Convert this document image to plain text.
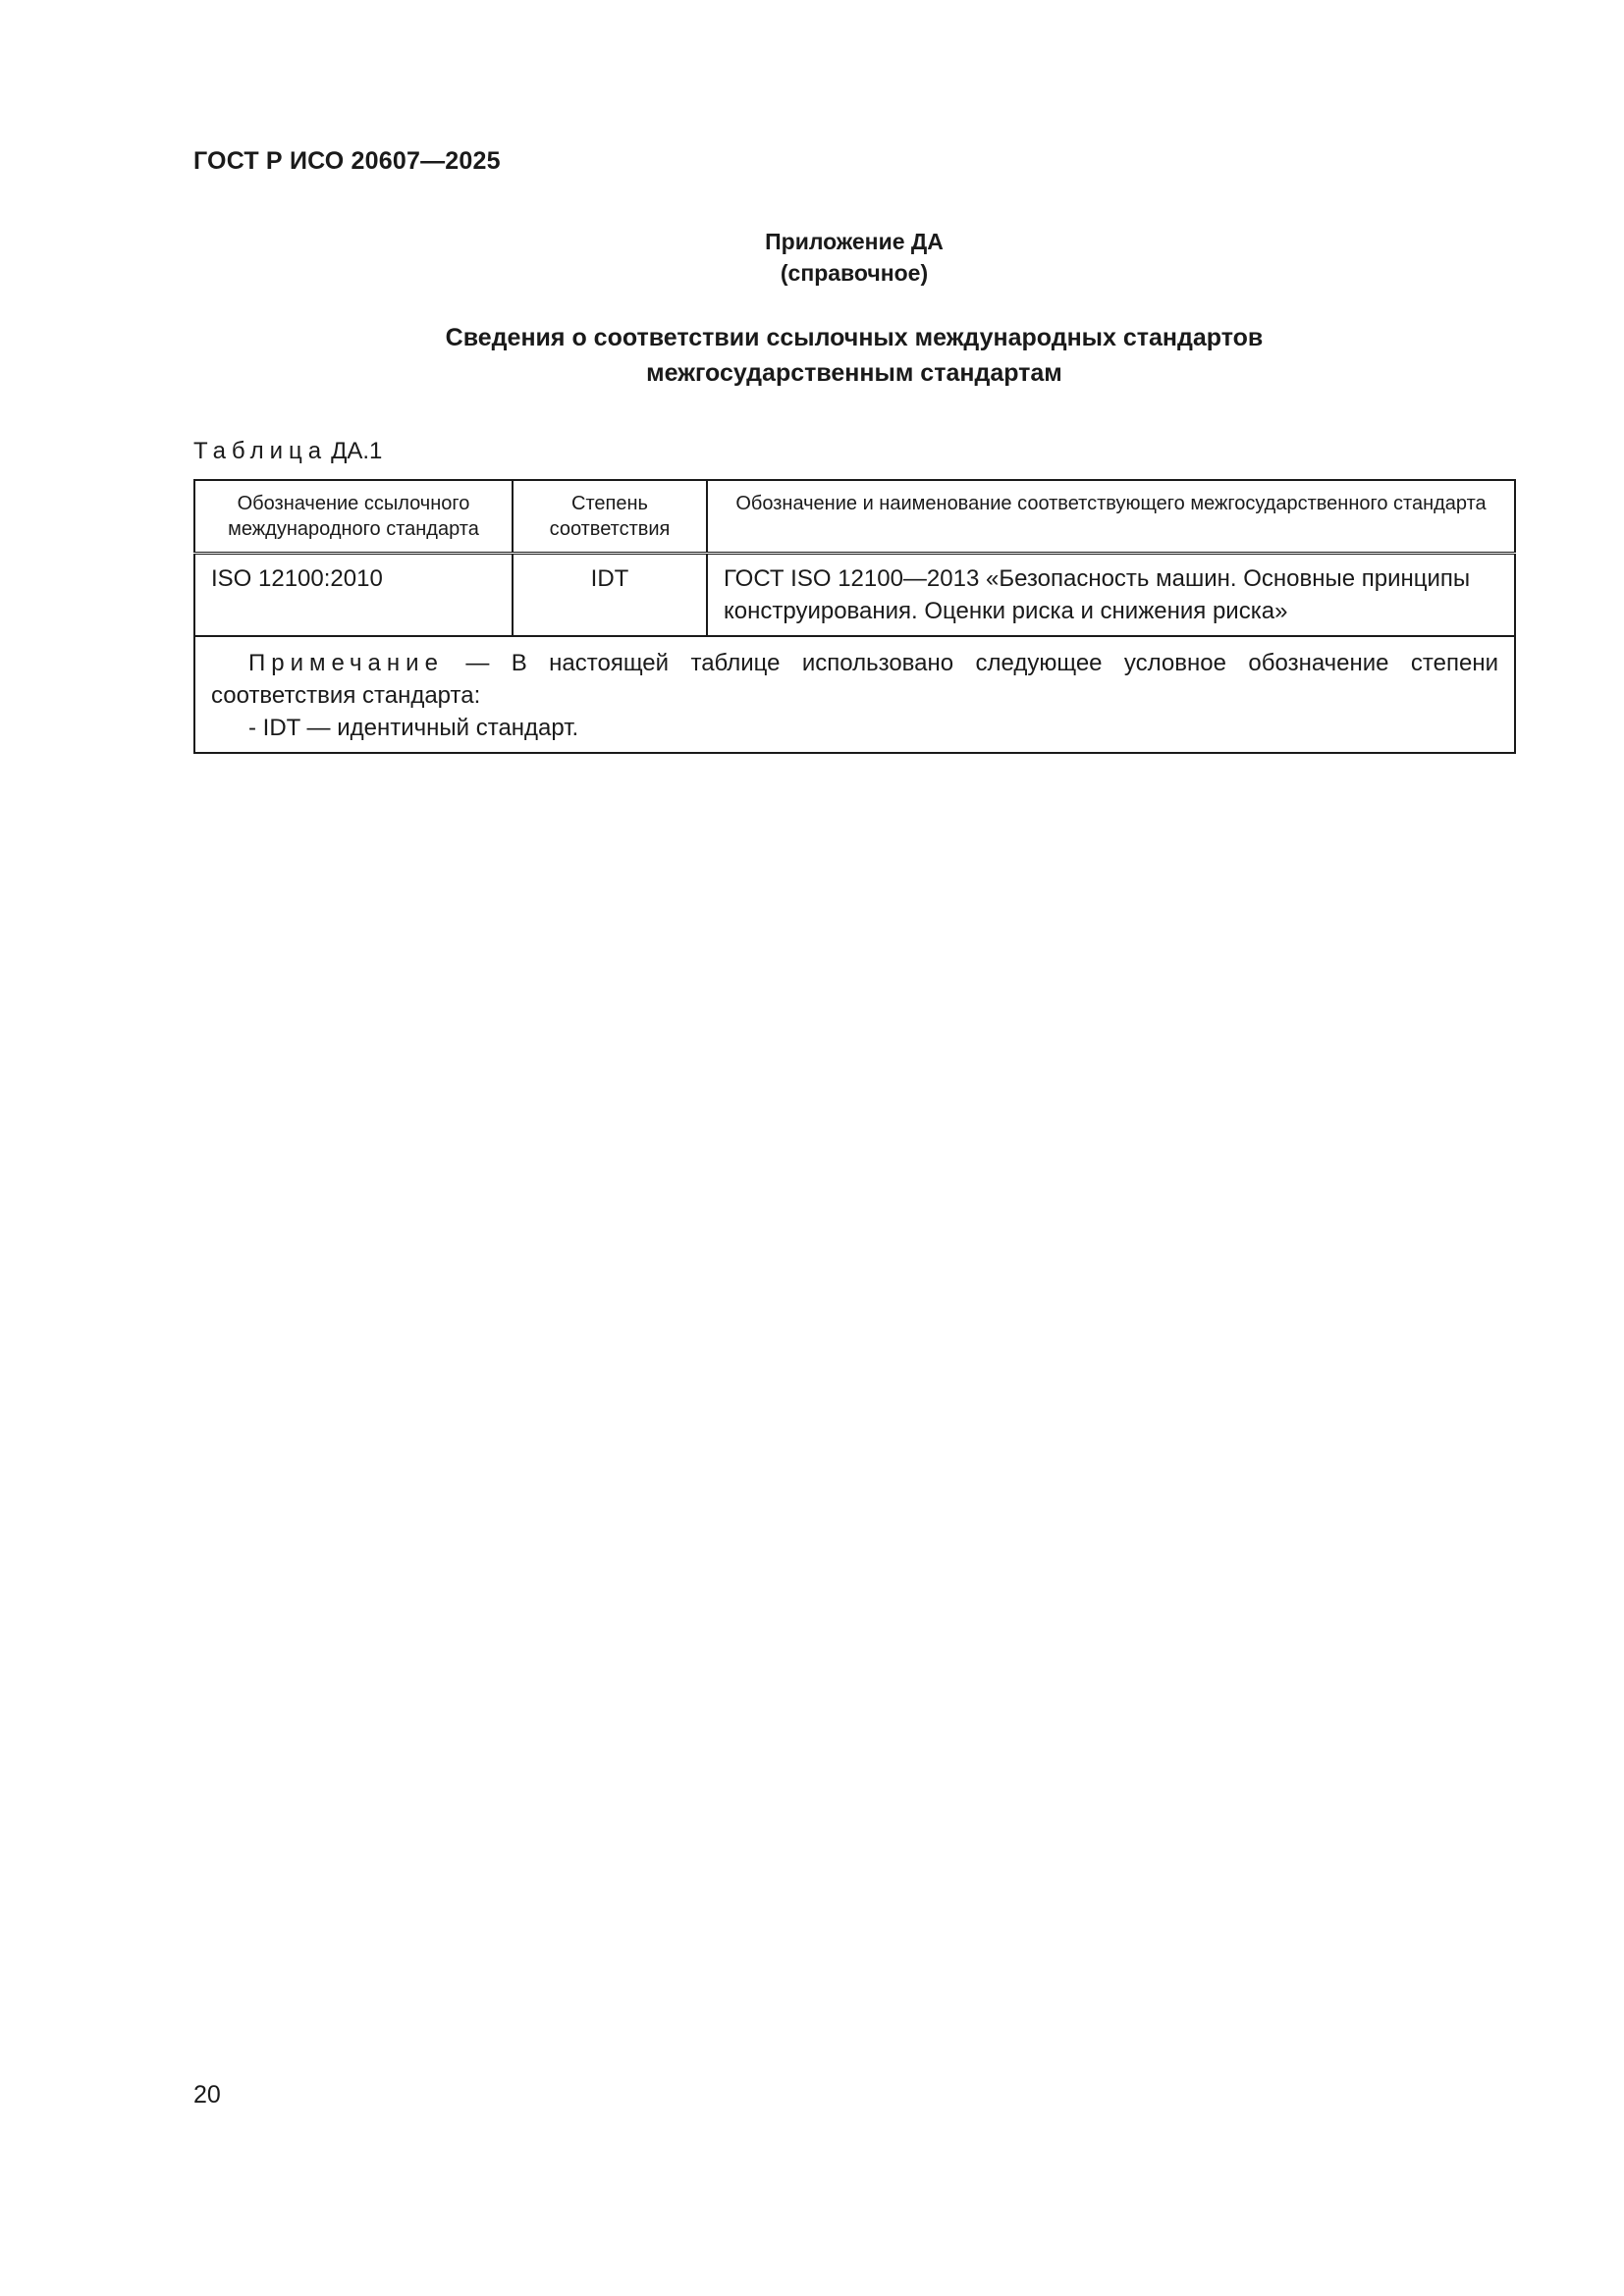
ГОСТ Р ИСО 20607—2025
Приложение ДА
(справочное)
Сведения о соответствии ссылочных международных стандартов
межгосударственным стандартам
Таблица ДА.1
Обозначение ссылочного международного стандарта	Степень соответствия	Обозначение и наименование соответствующего межгосударственного стандарта
ISO 12100:2010	IDT	ГОСТ ISO 12100—2013 «Безопасность машин. Основные принципы конструирования. Оценки риска и снижения риска»

Примечание — В настоящей таблице использовано следующее условное обозначение степени соответствия стандарта:

- IDT — идентичный стандарт.		

20
